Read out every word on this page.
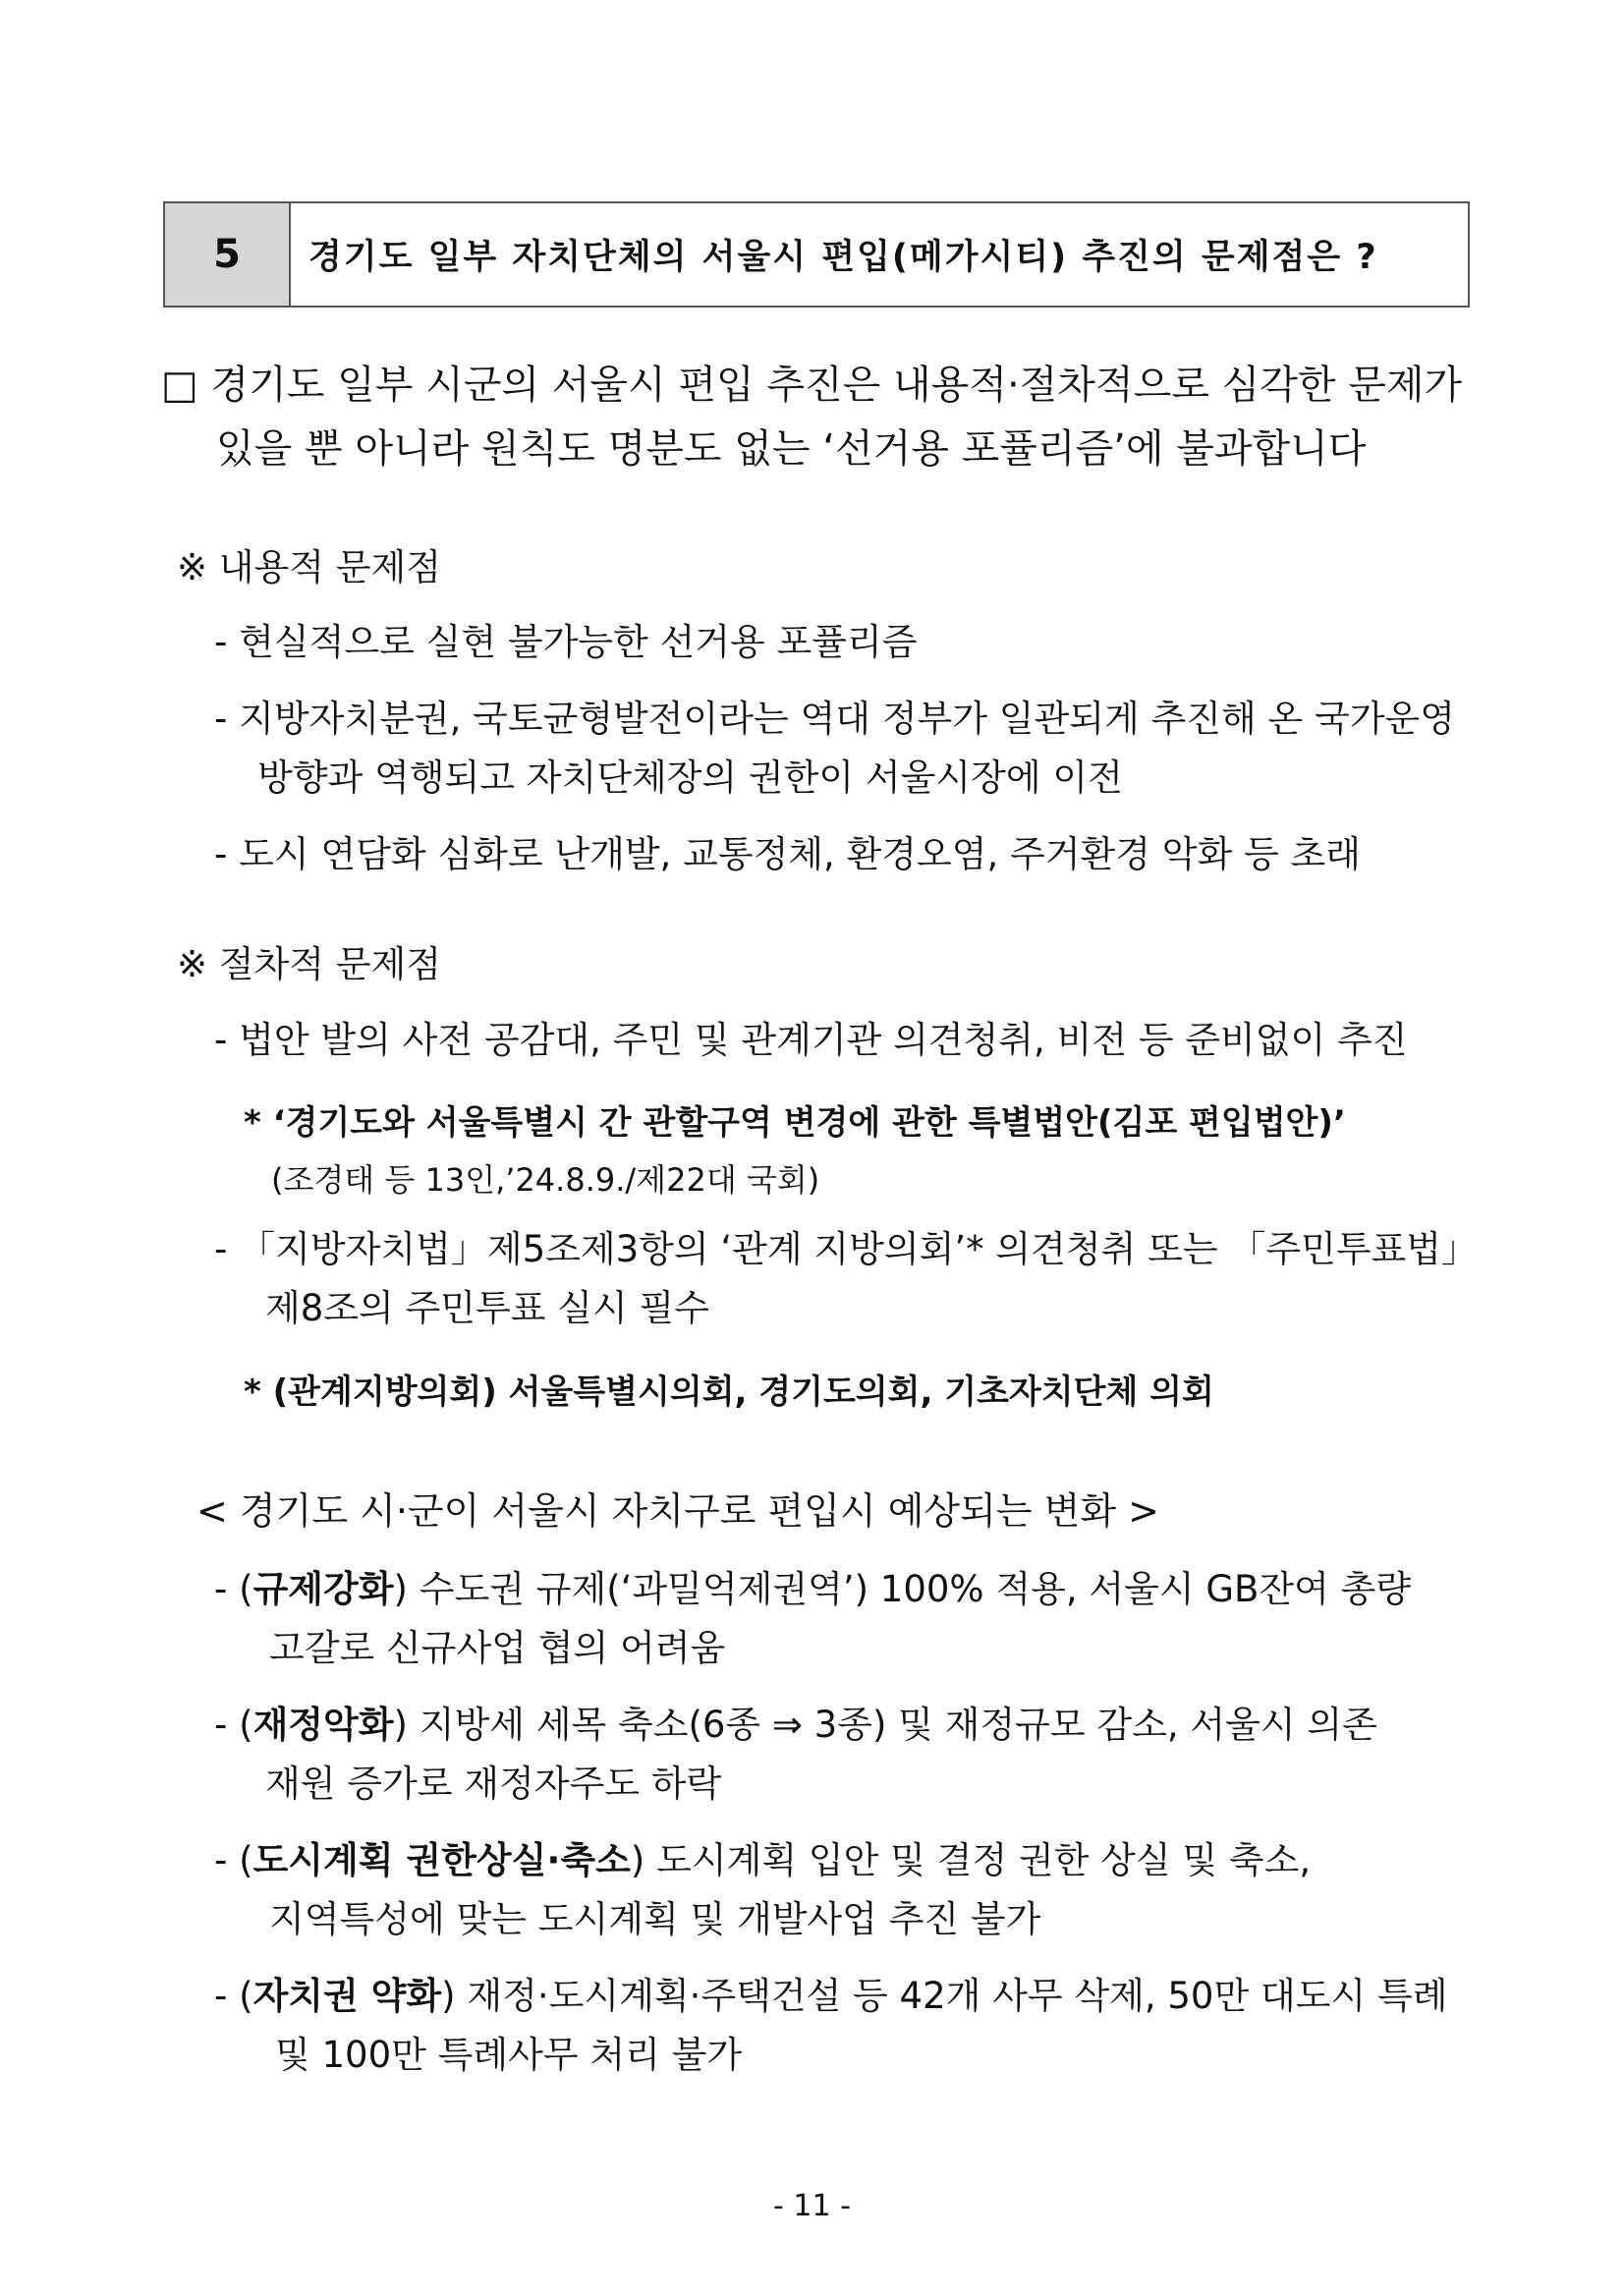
5	경기도 일부 자치단체의 서울시 편입(메가시티) 추진의 문제점은 ?
□ 경기도 일부 시군의 서울시 편입 추진은 내용적·절차적으로 심각한 문제가
있을 뿐 아니라 원칙도 명분도 없는 ‘선거용 포퓰리즘’에 불과합니다
※ 내용적 문제점
- 현실적으로 실현 불가능한 선거용 포퓰리즘
- 지방자치분권, 국토균형발전이라는 역대 정부가 일관되게 추진해 온 국가운영
방향과 역행되고 자치단체장의 권한이 서울시장에 이전
- 도시 연담화 심화로 난개발, 교통정체, 환경오염, 주거환경 악화 등 초래
※ 절차적 문제점
- 법안 발의 사전 공감대, 주민 및 관계기관 의견청취, 비전 등 준비없이 추진
* ‘경기도와 서울특별시 간 관할구역 변경에 관한 특별법안(김포 편입법안)’
(조경태 등 13인,’24.8.9./제22대 국회)
- 「지방자치법」제5조제3항의 ‘관계 지방의회’* 의견청취 또는 「주민투표법」
제8조의 주민투표 실시 필수
* (관계지방의회) 서울특별시의회, 경기도의회, 기초자치단체 의회
< 경기도 시·군이 서울시 자치구로 편입시 예상되는 변화 >
- (규제강화) 수도권 규제(‘과밀억제권역’) 100% 적용, 서울시 GB잔여 총량
고갈로 신규사업 협의 어려움
- (재정악화) 지방세 세목 축소(6종 ⇒ 3종) 및 재정규모 감소, 서울시 의존
재원 증가로 재정자주도 하락
- (도시계획 권한상실·축소) 도시계획 입안 및 결정 권한 상실 및 축소,
지역특성에 맞는 도시계획 및 개발사업 추진 불가
- (자치권 약화) 재정·도시계획·주택건설 등 42개 사무 삭제, 50만 대도시 특례
및 100만 특례사무 처리 불가
- 11 -
